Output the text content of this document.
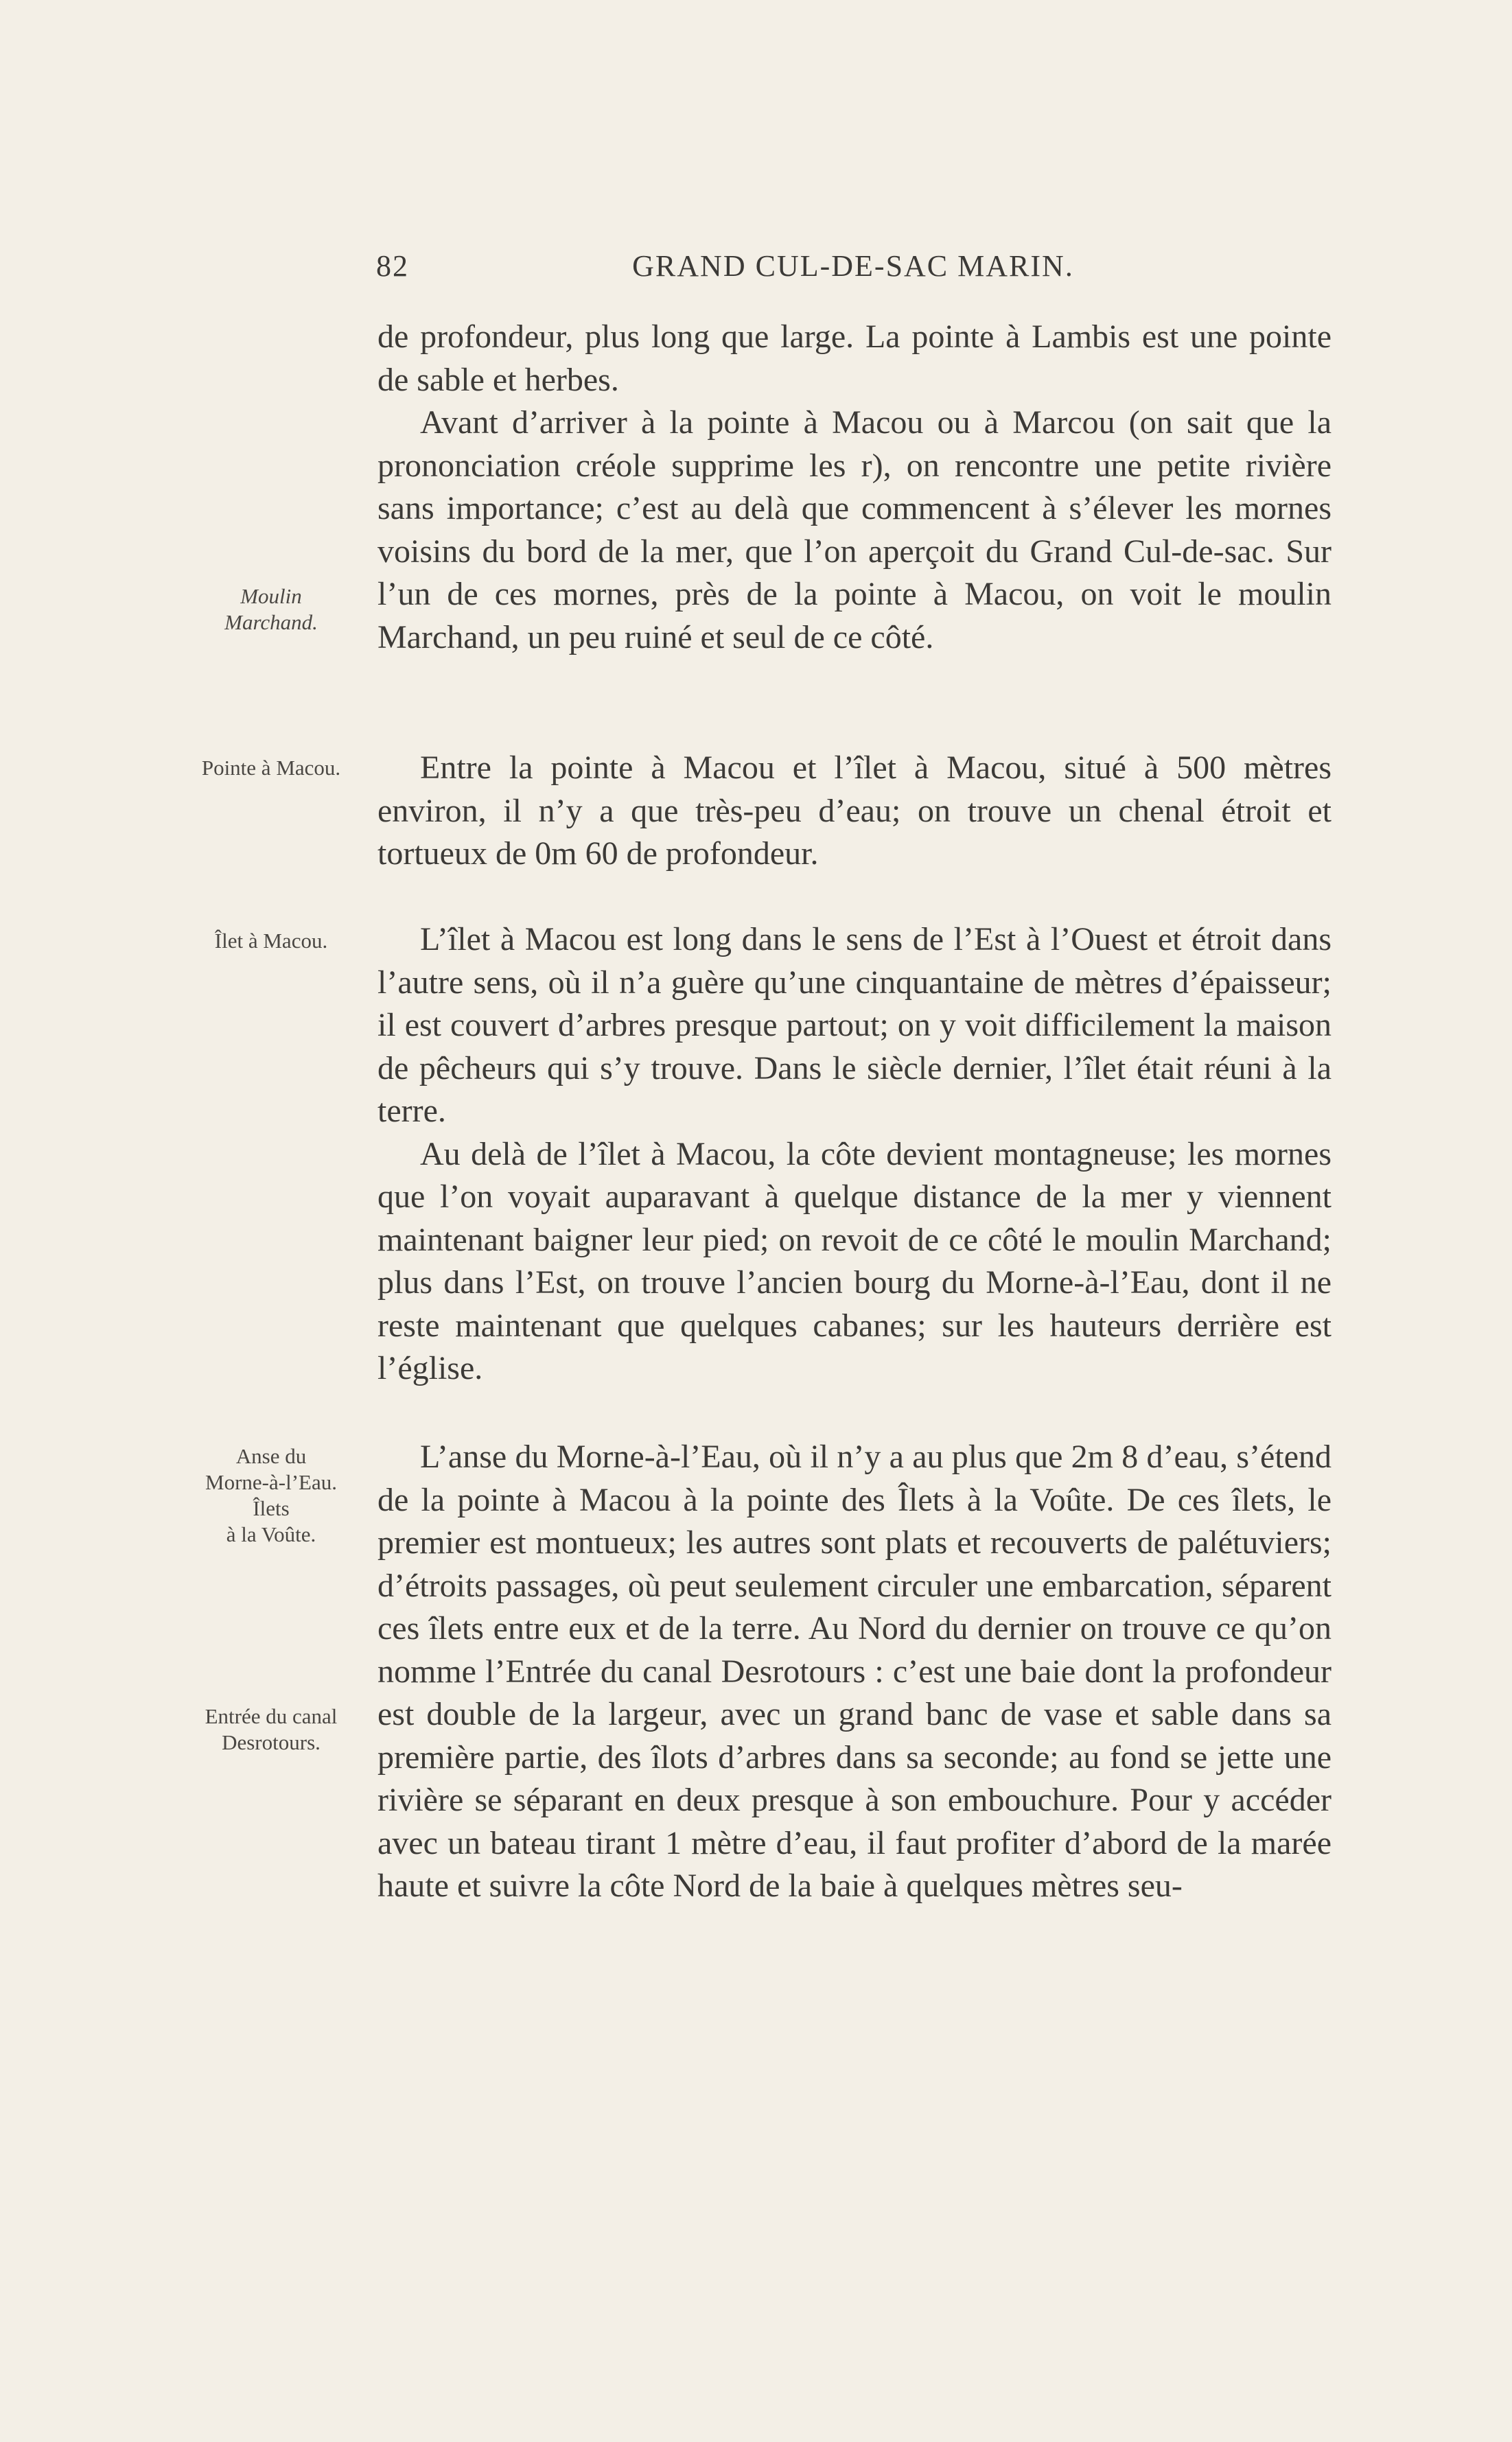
82	GRAND CUL-DE-SAC MARIN.
Moulin
Marchand.
Pointe à Macou.
Îlet à Macou.
Anse du
Morne-à-l’Eau.
Îlets
à la Voûte.
Entrée du canal
Desrotours.

de profondeur, plus long que large. La pointe à Lambis est une pointe de sable et herbes.

Avant d’arriver à la pointe à Macou ou à Marcou (on sait que la prononciation créole supprime les r), on rencontre une petite rivière sans importance; c’est au delà que commencent à s’élever les mornes voisins du bord de la mer, que l’on aperçoit du Grand Cul-de-sac. Sur l’un de ces mornes, près de la pointe à Macou, on voit le moulin Marchand, un peu ruiné et seul de ce côté.

Entre la pointe à Macou et l’îlet à Macou, situé à 500 mètres environ, il n’y a que très-peu d’eau; on trouve un chenal étroit et tortueux de 0m 60 de profondeur.

L’îlet à Macou est long dans le sens de l’Est à l’Ouest et étroit dans l’autre sens, où il n’a guère qu’une cinquantaine de mètres d’épaisseur; il est couvert d’arbres presque partout; on y voit difficilement la maison de pêcheurs qui s’y trouve. Dans le siècle dernier, l’îlet était réuni à la terre.

Au delà de l’îlet à Macou, la côte devient montagneuse; les mornes que l’on voyait auparavant à quelque distance de la mer y viennent maintenant baigner leur pied; on revoit de ce côté le moulin Marchand; plus dans l’Est, on trouve l’ancien bourg du Morne-à-l’Eau, dont il ne reste maintenant que quelques cabanes; sur les hauteurs derrière est l’église.

L’anse du Morne-à-l’Eau, où il n’y a au plus que 2m 8 d’eau, s’étend de la pointe à Macou à la pointe des Îlets à la Voûte. De ces îlets, le premier est montueux; les autres sont plats et recouverts de palétuviers; d’étroits passages, où peut seulement circuler une embarcation, séparent ces îlets entre eux et de la terre. Au Nord du dernier on trouve ce qu’on nomme l’Entrée du canal Desrotours : c’est une baie dont la profondeur est double de la largeur, avec un grand banc de vase et sable dans sa première partie, des îlots d’arbres dans sa seconde; au fond se jette une rivière se séparant en deux presque à son embouchure. Pour y accéder avec un bateau tirant 1 mètre d’eau, il faut profiter d’abord de la marée haute et suivre la côte Nord de la baie à quelques mètres seu-
